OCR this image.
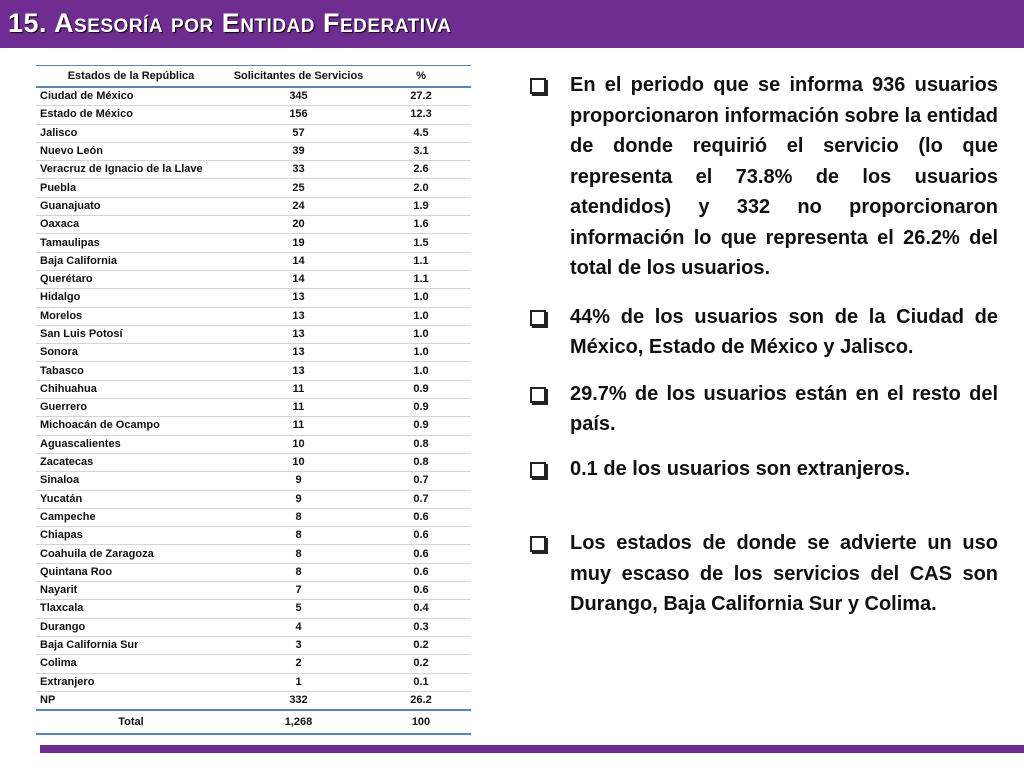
15. Asesoría por Entidad Federativa
Estados de la República	Solicitantes de Servicios	%
Ciudad de México	345	27.2
Estado de México	156	12.3
Jalisco	57	4.5
Nuevo León	39	3.1
Veracruz de Ignacio de la Llave	33	2.6
Puebla	25	2.0
Guanajuato	24	1.9
Oaxaca	20	1.6
Tamaulipas	19	1.5
Baja California	14	1.1
Querétaro	14	1.1
Hidalgo	13	1.0
Morelos	13	1.0
San Luis Potosí	13	1.0
Sonora	13	1.0
Tabasco	13	1.0
Chihuahua	11	0.9
Guerrero	11	0.9
Michoacán de Ocampo	11	0.9
Aguascalientes	10	0.8
Zacatecas	10	0.8
Sinaloa	9	0.7
Yucatán	9	0.7
Campeche	8	0.6
Chiapas	8	0.6
Coahuila de Zaragoza	8	0.6
Quintana Roo	8	0.6
Nayarit	7	0.6
Tlaxcala	5	0.4
Durango	4	0.3
Baja California Sur	3	0.2
Colima	2	0.2
Extranjero	1	0.1
NP	332	26.2
Total	1,268	100
En el periodo que se informa 936 usuarios proporcionaron información sobre la entidad de donde requirió el servicio (lo que representa el 73.8% de los usuarios atendidos) y 332 no proporcionaron información lo que representa el 26.2% del total de los usuarios.
44% de los usuarios son de la Ciudad de México, Estado de México y Jalisco.
29.7% de los usuarios están en el resto del país.
0.1 de los usuarios son extranjeros.
Los estados de donde se advierte un uso muy escaso de los servicios del CAS son Durango, Baja California Sur y Colima.
